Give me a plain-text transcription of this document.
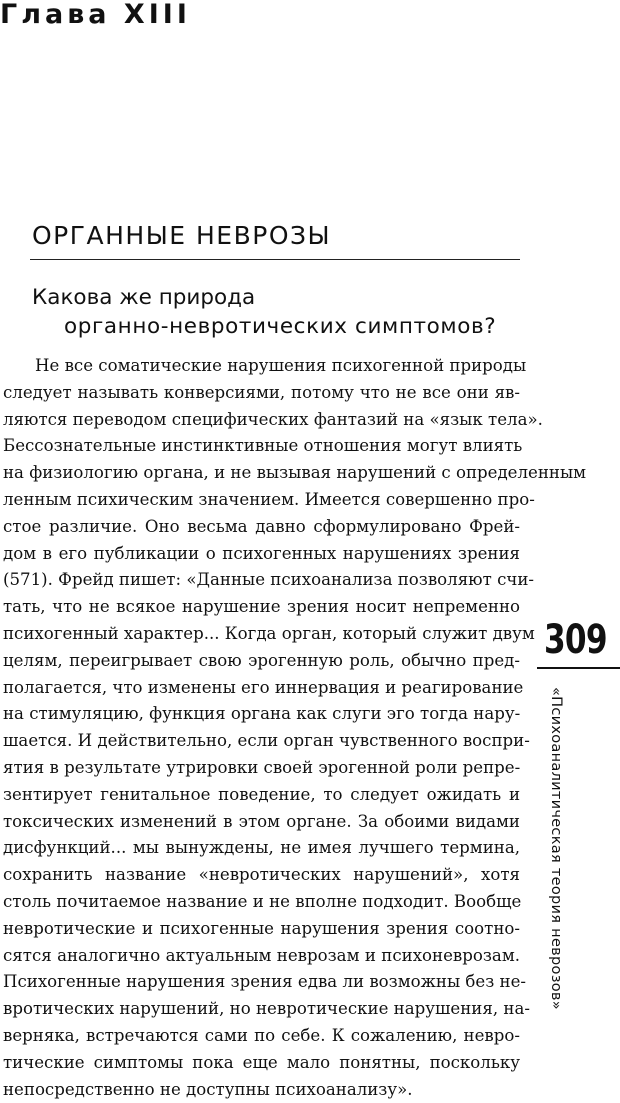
Глава XIII
ОРГАННЫЕ НЕВРОЗЫ
Какова же природа
органно-невротических симптомов?
Не все соматические нарушения психогенной природы
следует называть конверсиями, потому что не все они яв-
ляются переводом специфических фантазий на «язык тела».
Бессознательные инстинктивные отношения могут влиять
на физиологию органа, и не вызывая нарушений с определенным
ленным психическим значением. Имеется совершенно про-
стое различие. Оно весьма давно сформулировано Фрей-
дом в его публикации о психогенных нарушениях зрения
(571). Фрейд пишет: «Данные психоанализа позволяют счи-
тать, что не всякое нарушение зрения носит непременно
психогенный характер... Когда орган, который служит двум
целям, переигрывает свою эрогенную роль, обычно пред-
полагается, что изменены его иннервация и реагирование
на стимуляцию, функция органа как слуги эго тогда нару-
шается. И действительно, если орган чувственного воспри-
ятия в результате утрировки своей эрогенной роли репре-
зентирует генитальное поведение, то следует ожидать и
токсических изменений в этом органе. За обоими видами
дисфункций... мы вынуждены, не имея лучшего термина,
сохранить название «невротических нарушений», хотя
столь почитаемое название и не вполне подходит. Вообще
невротические и психогенные нарушения зрения соотно-
сятся аналогично актуальным неврозам и психоневрозам.
Психогенные нарушения зрения едва ли возможны без не-
вротических нарушений, но невротические нарушения, на-
верняка, встречаются сами по себе. К сожалению, невро-
тические симптомы пока еще мало понятны, поскольку
непосредственно не доступны психоанализу».
309
«Психоаналитическая теория неврозов»
